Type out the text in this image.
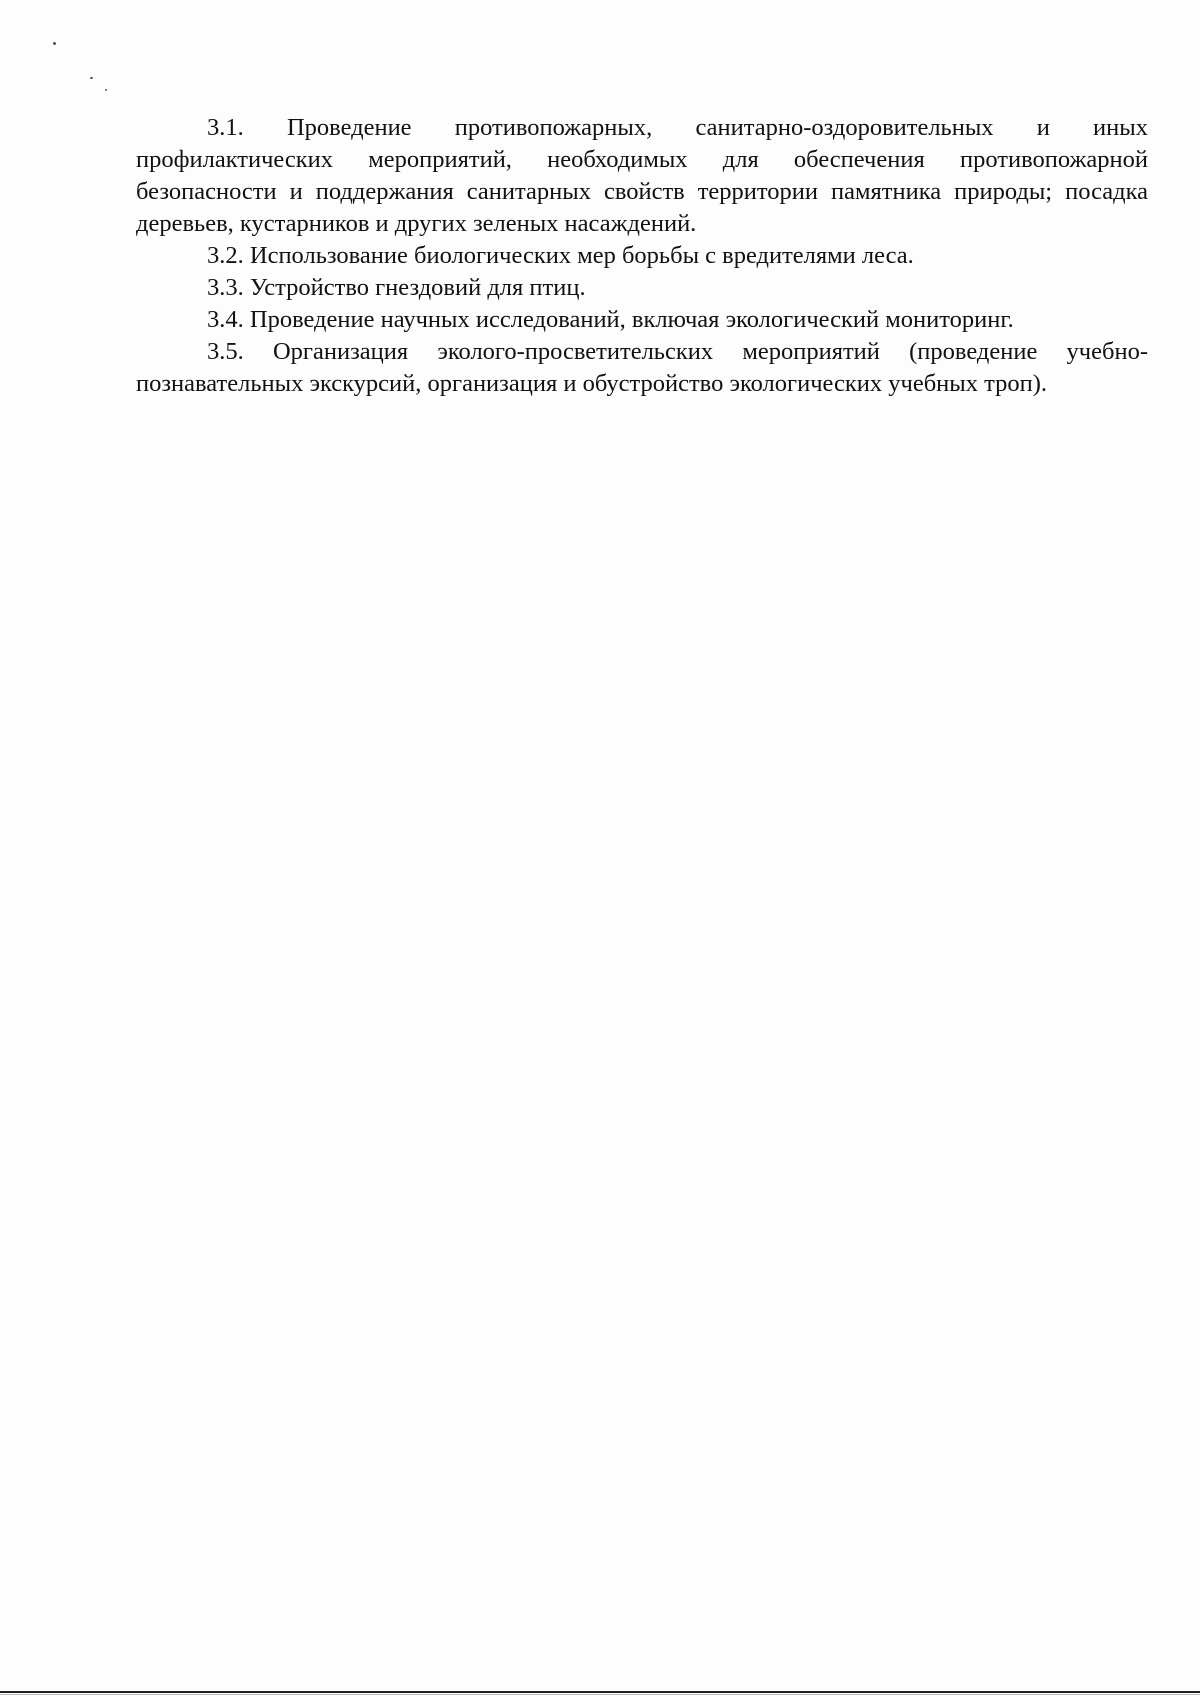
3.1. Проведение противопожарных, санитарно-оздоровительных и иных профилактических мероприятий, необходимых для обеспечения противопожарной безопасности и поддержания санитарных свойств территории памятника природы; посадка деревьев, кустарников и других зеленых насаждений.

3.2. Использование биологических мер борьбы с вредителями леса.

3.3. Устройство гнездовий для птиц.

3.4. Проведение научных исследований, включая экологический мониторинг.

3.5. Организация эколого-просветительских мероприятий (проведение учебно-познавательных экскурсий, организация и обустройство экологических учебных троп).
